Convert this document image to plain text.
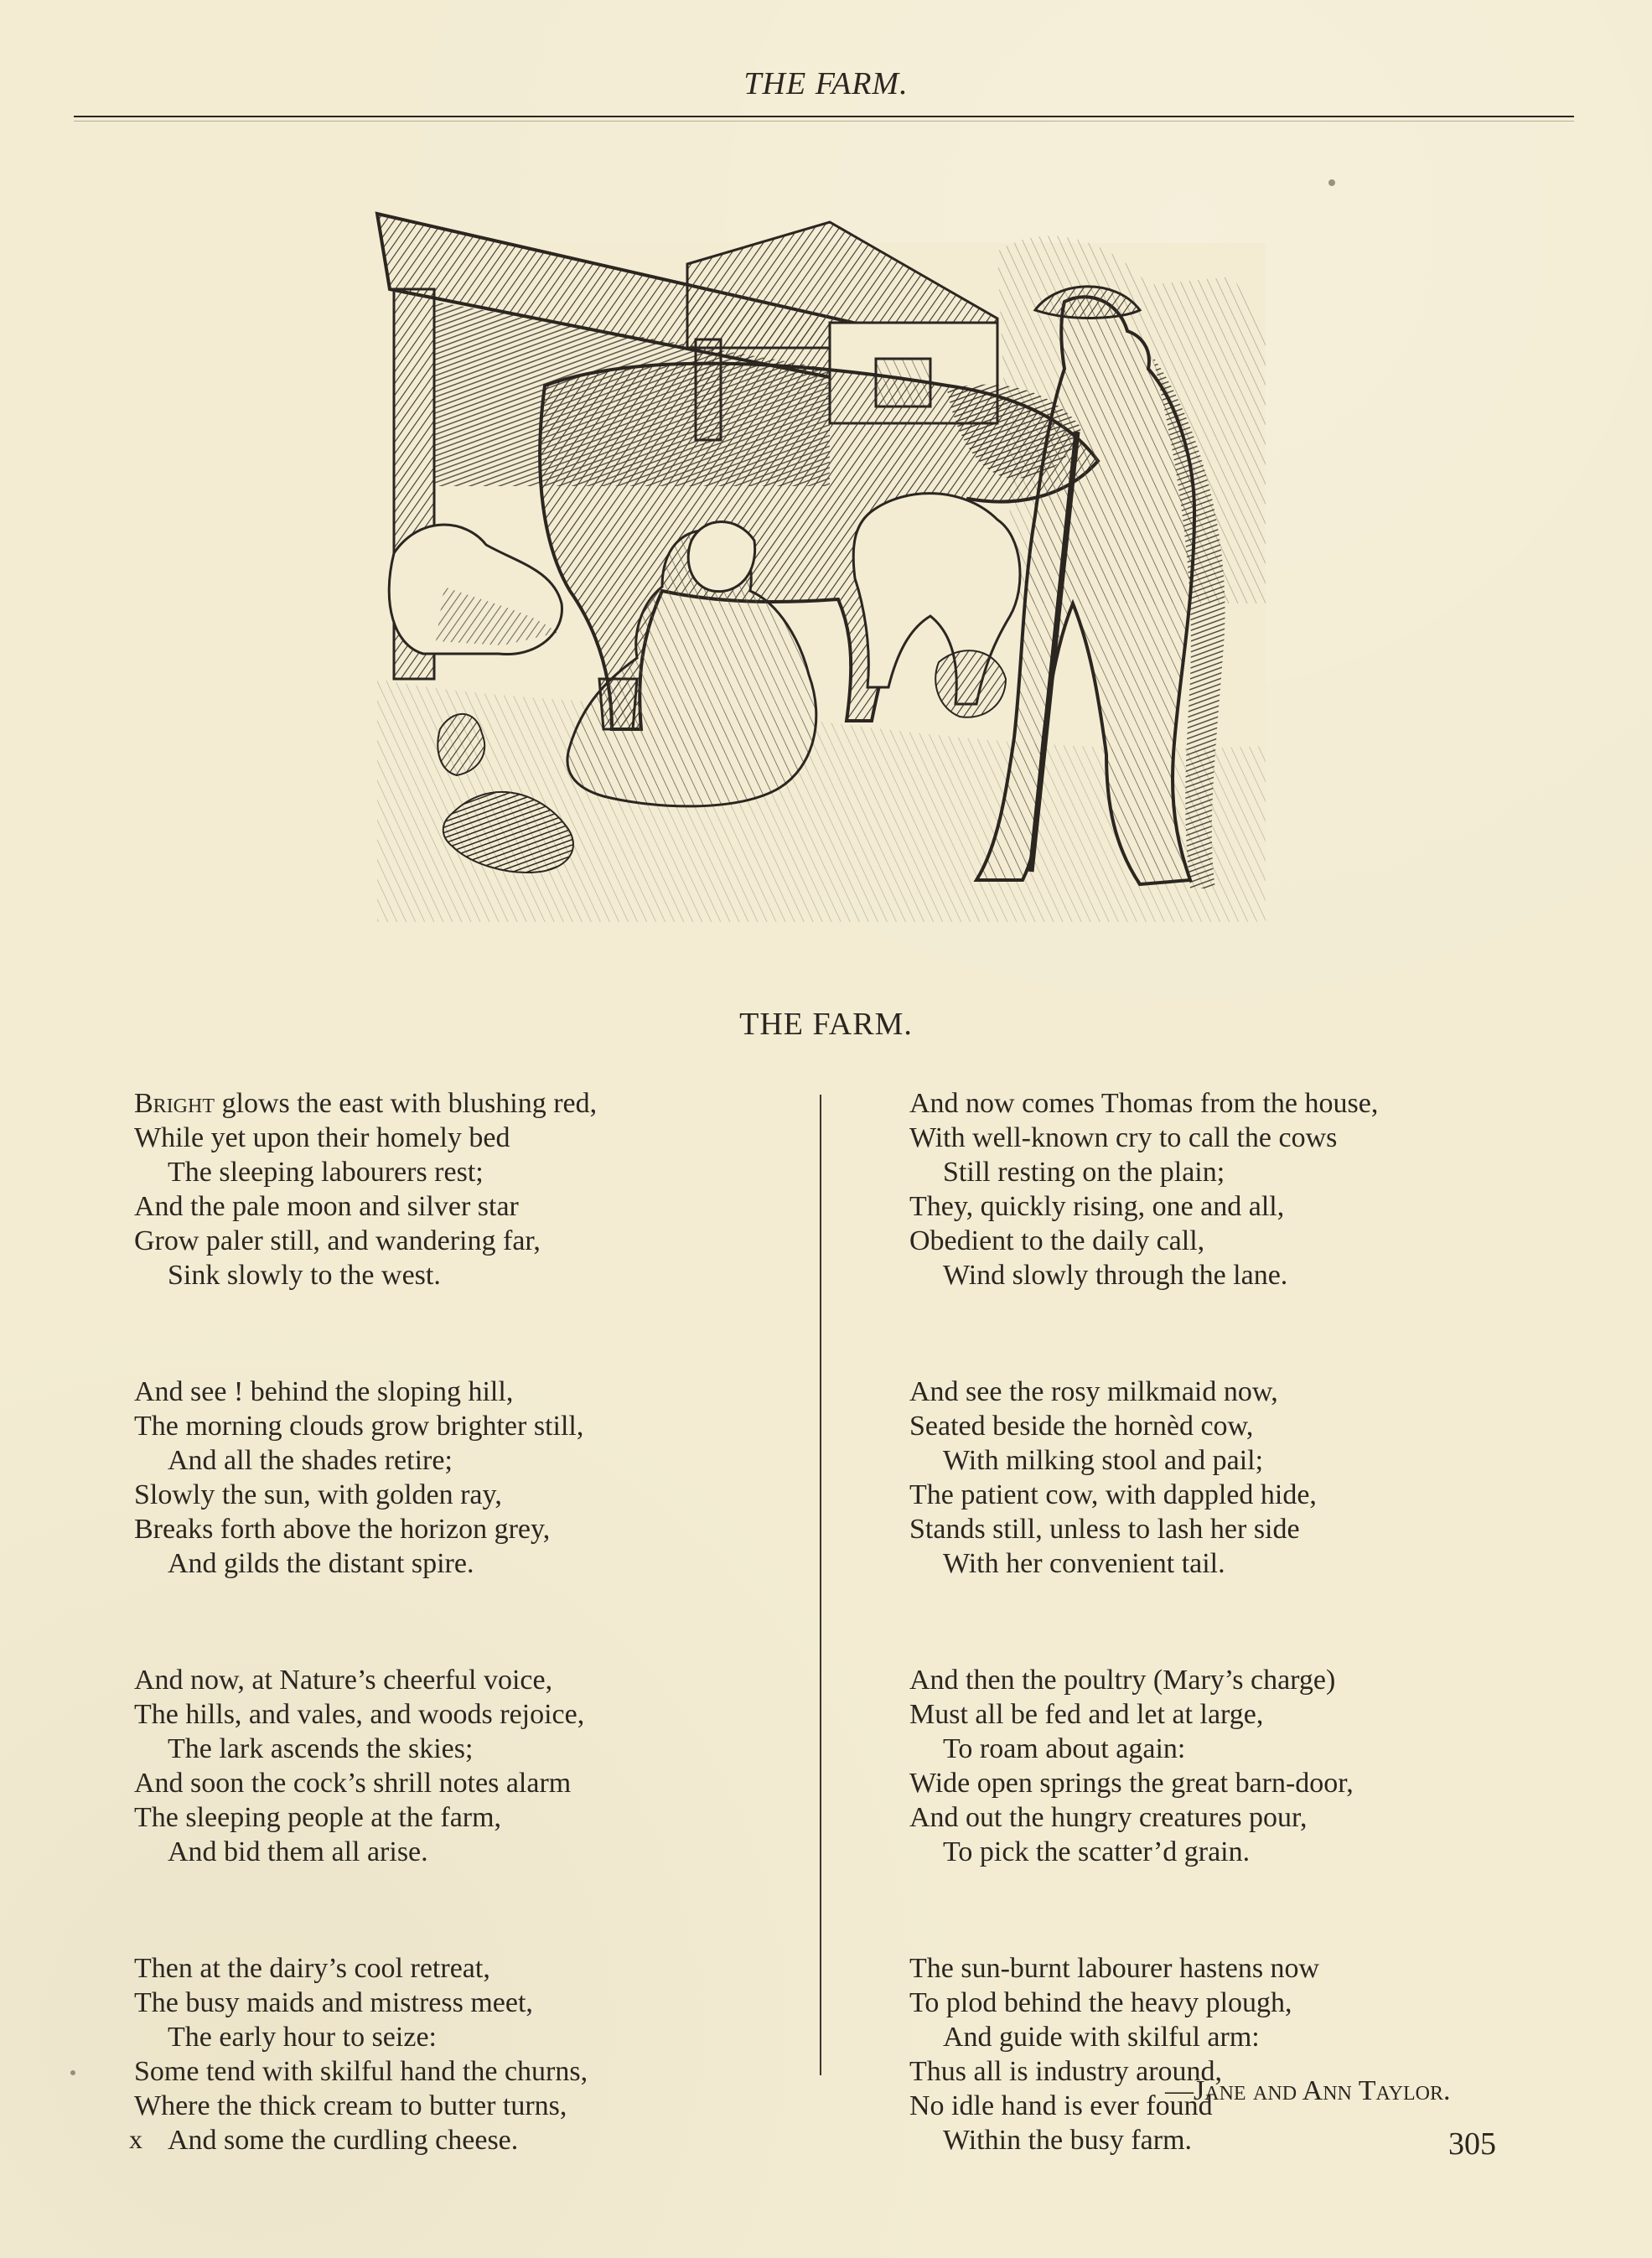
THE FARM.
THE FARM.
Bright glows the east with blushing red,
While yet upon their homely bed
The sleeping labourers rest;
And the pale moon and silver star
Grow paler still, and wandering far,
Sink slowly to the west.
And see ! behind the sloping hill,
The morning clouds grow brighter still,
And all the shades retire;
Slowly the sun, with golden ray,
Breaks forth above the horizon grey,
And gilds the distant spire.
And now, at Nature’s cheerful voice,
The hills, and vales, and woods rejoice,
The lark ascends the skies;
And soon the cock’s shrill notes alarm
The sleeping people at the farm,
And bid them all arise.
Then at the dairy’s cool retreat,
The busy maids and mistress meet,
The early hour to seize:
Some tend with skilful hand the churns,
Where the thick cream to butter turns,
And some the curdling cheese.
And now comes Thomas from the house,
With well-known cry to call the cows
Still resting on the plain;
They, quickly rising, one and all,
Obedient to the daily call,
Wind slowly through the lane.
And see the rosy milkmaid now,
Seated beside the hornèd cow,
With milking stool and pail;
The patient cow, with dappled hide,
Stands still, unless to lash her side
With her convenient tail.
And then the poultry (Mary’s charge)
Must all be fed and let at large,
To roam about again:
Wide open springs the great barn-door,
And out the hungry creatures pour,
To pick the scatter’d grain.
The sun-burnt labourer hastens now
To plod behind the heavy plough,
And guide with skilful arm:
Thus all is industry around,
No idle hand is ever found
Within the busy farm.
—Jane and Ann Taylor.
x	305
